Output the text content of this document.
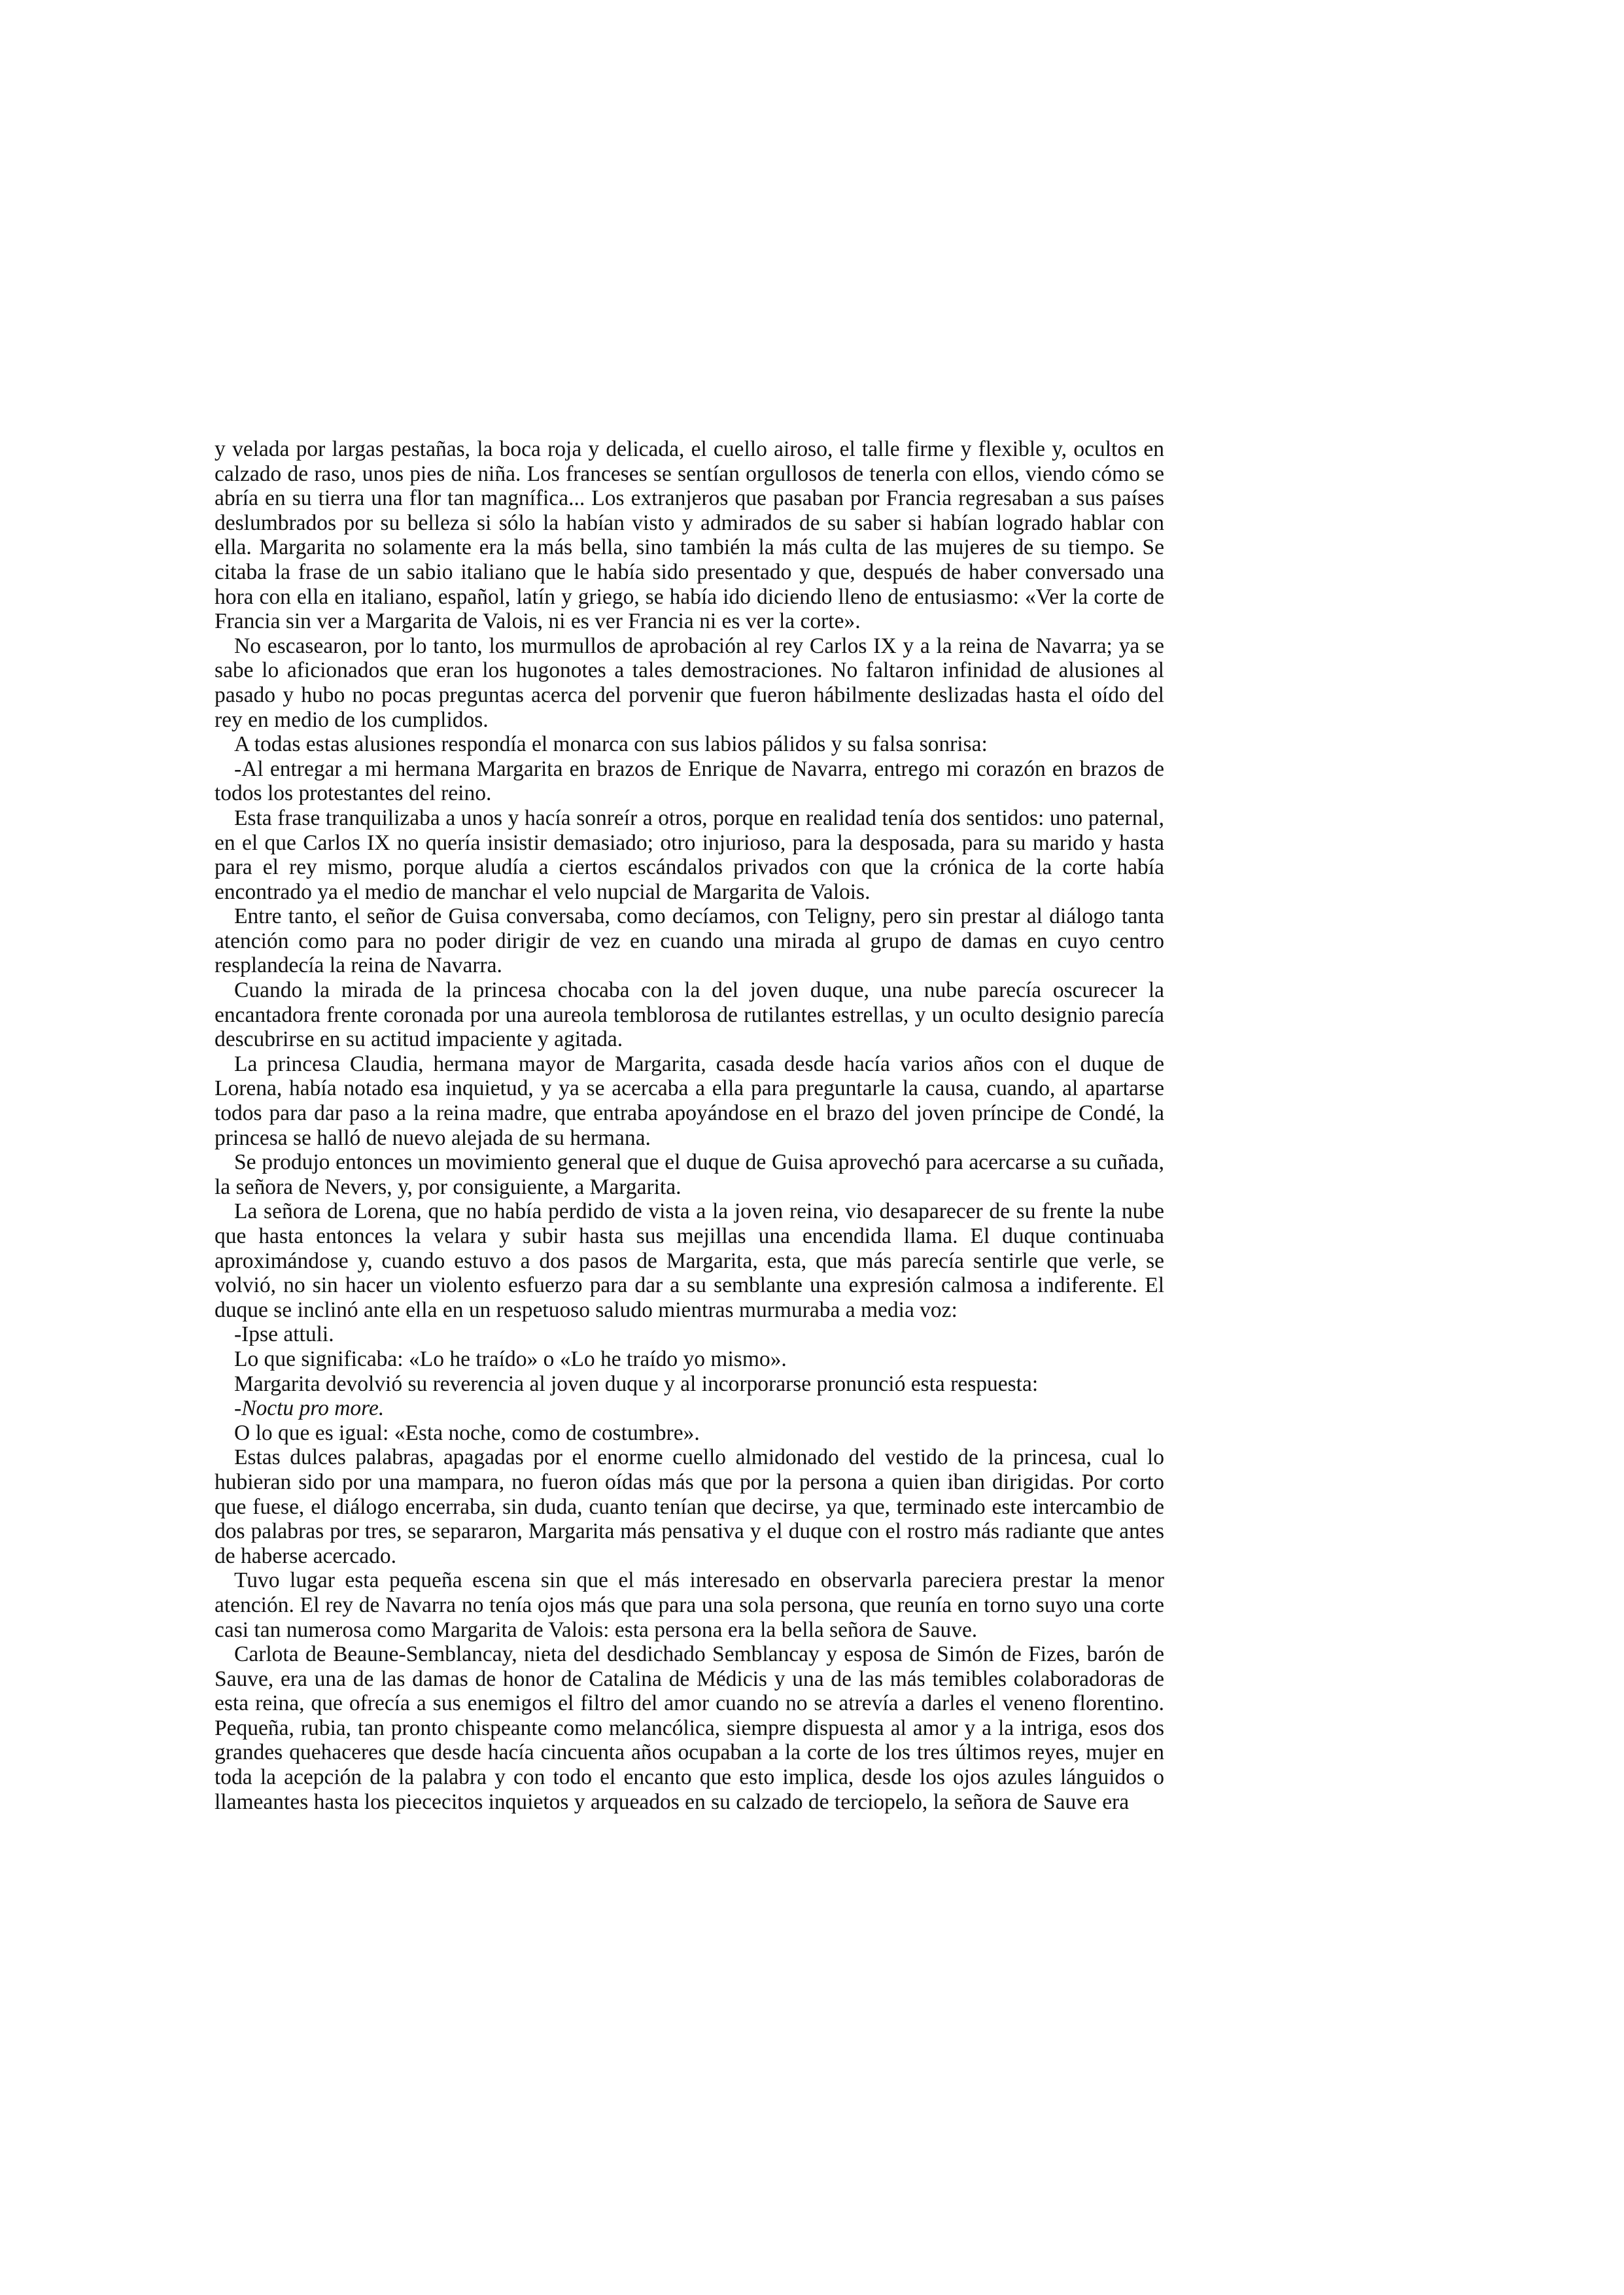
y velada por largas pestañas, la boca roja y delicada, el cuello airoso, el talle firme y flexible y, ocultos en calzado de raso, unos pies de niña. Los franceses se sentían orgullosos de tenerla con ellos, viendo cómo se abría en su tierra una flor tan magnífica... Los extranjeros que pasaban por Francia regresaban a sus países deslumbrados por su belleza si sólo la habían visto y admirados de su saber si habían logrado hablar con ella. Margarita no solamente era la más bella, sino también la más culta de las mujeres de su tiempo. Se citaba la frase de un sabio italiano que le había sido presentado y que, después de haber conversado una hora con ella en italiano, español, latín y griego, se había ido diciendo lleno de entusiasmo: «Ver la corte de Francia sin ver a Margarita de Valois, ni es ver Francia ni es ver la corte».

No escasearon, por lo tanto, los murmullos de aprobación al rey Carlos IX y a la reina de Navarra; ya se sabe lo aficionados que eran los hugonotes a tales demostraciones. No faltaron infinidad de alusiones al pasado y hubo no pocas preguntas acerca del porvenir que fueron hábilmente deslizadas hasta el oído del rey en medio de los cumplidos.

A todas estas alusiones respondía el monarca con sus labios pálidos y su falsa sonrisa:

-Al entregar a mi hermana Margarita en brazos de Enrique de Navarra, entrego mi corazón en brazos de todos los protestantes del reino.

Esta frase tranquilizaba a unos y hacía sonreír a otros, porque en realidad tenía dos sentidos: uno paternal, en el que Carlos IX no quería insistir demasiado; otro injurioso, para la desposada, para su marido y hasta para el rey mismo, porque aludía a ciertos escándalos privados con que la crónica de la corte había encontrado ya el medio de manchar el velo nupcial de Margarita de Valois.

Entre tanto, el señor de Guisa conversaba, como decíamos, con Teligny, pero sin prestar al diálogo tanta atención como para no poder dirigir de vez en cuando una mirada al grupo de damas en cuyo centro resplandecía la reina de Navarra.

Cuando la mirada de la princesa chocaba con la del joven duque, una nube parecía oscurecer la encantadora frente coronada por una aureola temblorosa de rutilantes estrellas, y un oculto designio parecía descubrirse en su actitud impaciente y agitada.

La princesa Claudia, hermana mayor de Margarita, casada desde hacía varios años con el duque de Lorena, había notado esa inquietud, y ya se acercaba a ella para preguntarle la causa, cuando, al apartarse todos para dar paso a la reina madre, que entraba apoyándose en el brazo del joven príncipe de Condé, la princesa se halló de nuevo alejada de su hermana.

Se produjo entonces un movimiento general que el duque de Guisa aprovechó para acercarse a su cuñada, la señora de Nevers, y, por consiguiente, a Margarita.

La señora de Lorena, que no había perdido de vista a la joven reina, vio desaparecer de su frente la nube que hasta entonces la velara y subir hasta sus mejillas una encendida llama. El duque continuaba aproximándose y, cuando estuvo a dos pasos de Margarita, esta, que más parecía sentirle que verle, se volvió, no sin hacer un violento esfuerzo para dar a su semblante una expresión calmosa a indiferente. El duque se inclinó ante ella en un respetuoso saludo mientras murmuraba a media voz:

-Ipse attuli.

Lo que significaba: «Lo he traído» o «Lo he traído yo mismo».

Margarita devolvió su reverencia al joven duque y al incorporarse pronunció esta respuesta:

-Noctu pro more.

O lo que es igual: «Esta noche, como de costumbre».

Estas dulces palabras, apagadas por el enorme cuello almidonado del vestido de la princesa, cual lo hubieran sido por una mampara, no fueron oídas más que por la persona a quien iban dirigidas. Por corto que fuese, el diálogo encerraba, sin duda, cuanto tenían que decirse, ya que, terminado este intercambio de dos palabras por tres, se separaron, Margarita más pensativa y el duque con el rostro más radiante que antes de haberse acercado.

Tuvo lugar esta pequeña escena sin que el más interesado en observarla pareciera prestar la menor atención. El rey de Navarra no tenía ojos más que para una sola persona, que reunía en torno suyo una corte casi tan numerosa como Margarita de Valois: esta persona era la bella señora de Sauve.

Carlota de Beaune-Semblancay, nieta del desdichado Semblancay y esposa de Simón de Fizes, barón de Sauve, era una de las damas de honor de Catalina de Médicis y una de las más temibles colaboradoras de esta reina, que ofrecía a sus enemigos el filtro del amor cuando no se atrevía a darles el veneno florentino. Pequeña, rubia, tan pronto chispeante como melancólica, siempre dispuesta al amor y a la intriga, esos dos grandes quehaceres que desde hacía cincuenta años ocupaban a la corte de los tres últimos reyes, mujer en toda la acepción de la palabra y con todo el encanto que esto implica, desde los ojos azules lánguidos o llameantes hasta los piececitos inquietos y arqueados en su calzado de terciopelo, la señora de Sauve era
